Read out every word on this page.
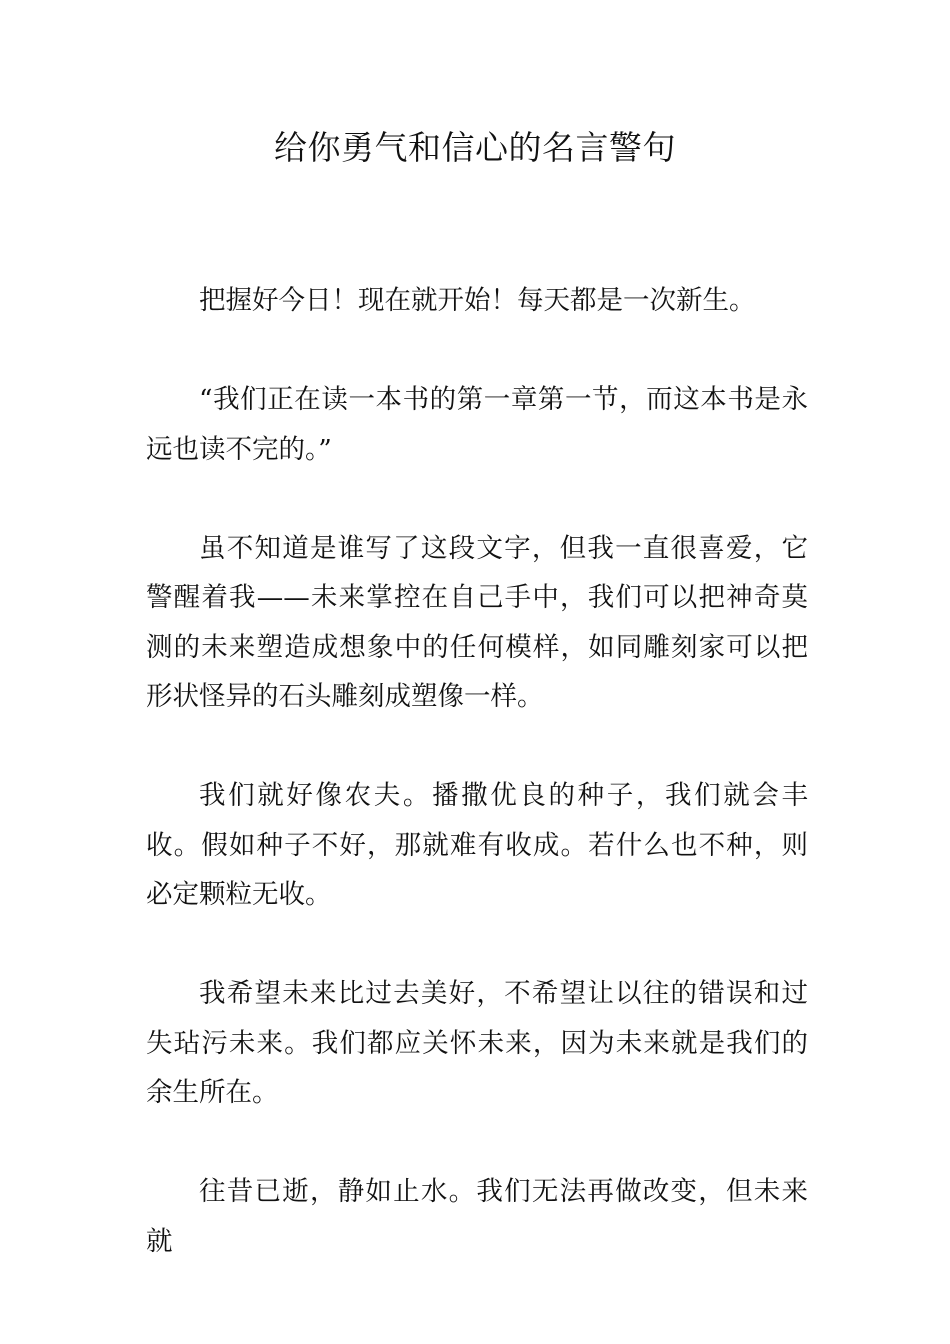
给你勇气和信心的名言警句

把握好今日！现在就开始！每天都是一次新生。

“我们正在读一本书的第一章第一节，而这本书是永远也读不完的。”

虽不知道是谁写了这段文字，但我一直很喜爱，它警醒着我——未来掌控在自己手中，我们可以把神奇莫测的未来塑造成想象中的任何模样，如同雕刻家可以把形状怪异的石头雕刻成塑像一样。

我们就好像农夫。播撒优良的种子，我们就会丰收。假如种子不好，那就难有收成。若什么也不种，则必定颗粒无收。

我希望未来比过去美好，不希望让以往的错误和过失玷污未来。我们都应关怀未来，因为未来就是我们的余生所在。

往昔已逝，静如止水。我们无法再做改变，但未来就
